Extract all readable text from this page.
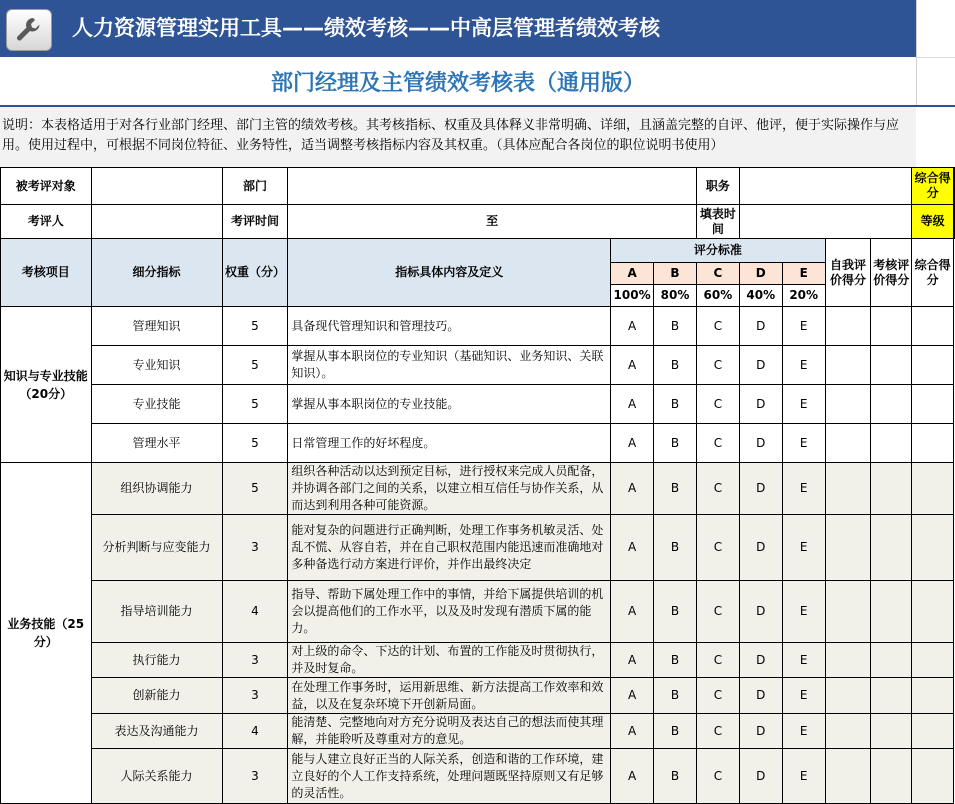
人力资源管理实用工具——绩效考核——中高层管理者绩效考核
部门经理及主管绩效考核表（通用版）
说明：本表格适用于对各行业部门经理、部门主管的绩效考核。其考核指标、权重及具体释义非常明确、详细，且涵盖完整的自评、他评，便于实际操作与应用。使用过程中，可根据不同岗位特征、业务特性，适当调整考核指标内容及其权重。（具体应配合各岗位的职位说明书使用）
被考评对象		部门				职务					综合得分	
考评人		考评时间	至			填表时间					等级	
考核项目	细分指标	权重（分）	指标具体内容及定义	评分标准					自我评价得分	考核评价得分	综合得分	
				A	B	C	D	E				
				100%	80%	60%	40%	20%				
知识与专业技能（20分）	管理知识	5	具备现代管理知识和管理技巧。	A	B	C	D	E				
	专业知识	5	掌握从事本职岗位的专业知识（基础知识、业务知识、关联知识）。	A	B	C	D	E				
	专业技能	5	掌握从事本职岗位的专业技能。	A	B	C	D	E				
	管理水平	5	日常管理工作的好坏程度。	A	B	C	D	E				
业务技能（25分）	组织协调能力	5	组织各种活动以达到预定目标，进行授权来完成人员配备，并协调各部门之间的关系，以建立相互信任与协作关系，从而达到利用各种可能资源。	A	B	C	D	E				
	分析判断与应变能力	3	能对复杂的问题进行正确判断，处理工作事务机敏灵活、处乱不慌、从容自若，并在自己职权范围内能迅速而准确地对多种备选行动方案进行评价，并作出最终决定	A	B	C	D	E				
	指导培训能力	4	指导、帮助下属处理工作中的事情，并给下属提供培训的机会以提高他们的工作水平，以及及时发现有潜质下属的能力。	A	B	C	D	E				
	执行能力	3	对上级的命令、下达的计划、布置的工作能及时贯彻执行，并及时复命。	A	B	C	D	E				
	创新能力	3	在处理工作事务时，运用新思维、新方法提高工作效率和效益，以及在复杂环境下开创新局面。	A	B	C	D	E				
	表达及沟通能力	4	能清楚、完整地向对方充分说明及表达自己的想法而使其理解，并能聆听及尊重对方的意见。	A	B	C	D	E				
	人际关系能力	3	能与人建立良好正当的人际关系，创造和谐的工作环境，建立良好的个人工作支持系统，处理问题既坚持原则又有足够的灵活性。	A	B	C	D	E				
